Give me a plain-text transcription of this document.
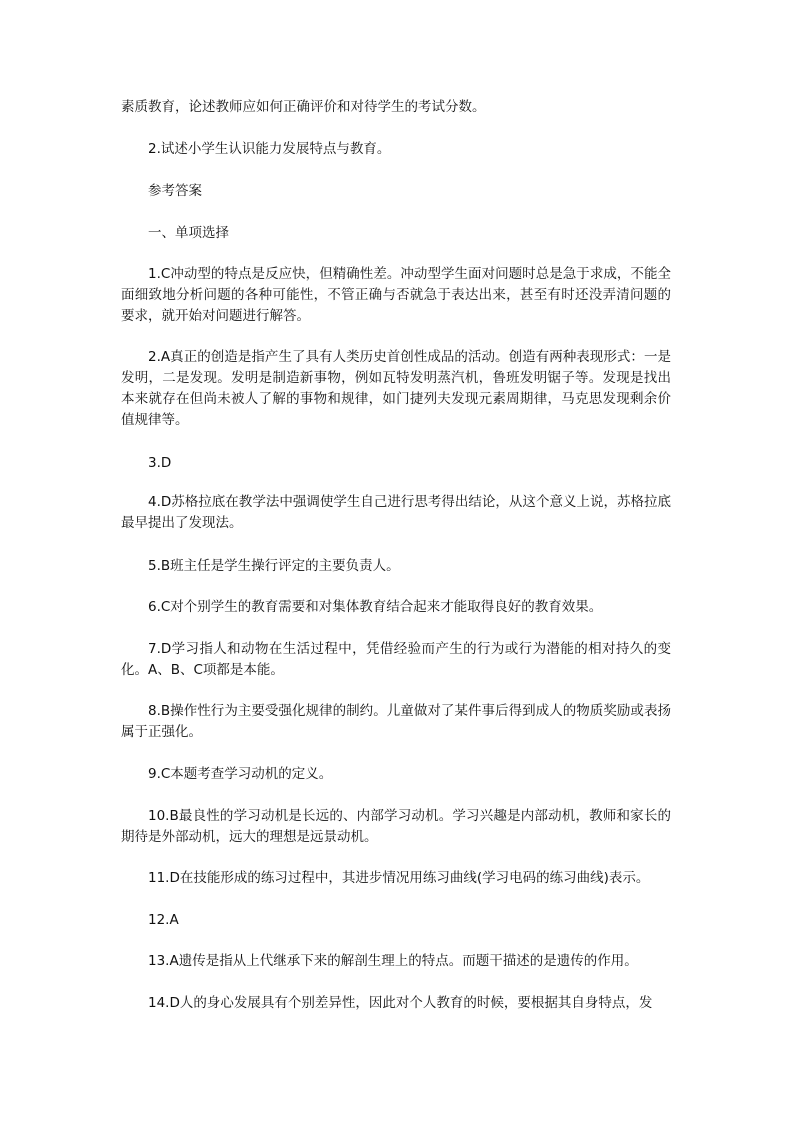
素质教育，论述教师应如何正确评价和对待学生的考试分数。

2.试述小学生认识能力发展特点与教育。

参考答案

一、单项选择

1.C冲动型的特点是反应快，但精确性差。冲动型学生面对问题时总是急于求成，不能全面细致地分析问题的各种可能性，不管正确与否就急于表达出来，甚至有时还没弄清问题的要求，就开始对问题进行解答。

2.A真正的创造是指产生了具有人类历史首创性成品的活动。创造有两种表现形式：一是发明，二是发现。发明是制造新事物，例如瓦特发明蒸汽机，鲁班发明锯子等。发现是找出本来就存在但尚未被人了解的事物和规律，如门捷列夫发现元素周期律，马克思发现剩余价值规律等。

3.D

4.D苏格拉底在教学法中强调使学生自己进行思考得出结论，从这个意义上说，苏格拉底最早提出了发现法。

5.B班主任是学生操行评定的主要负责人。

6.C对个别学生的教育需要和对集体教育结合起来才能取得良好的教育效果。

7.D学习指人和动物在生活过程中，凭借经验而产生的行为或行为潜能的相对持久的变化。A、B、C项都是本能。

8.B操作性行为主要受强化规律的制约。儿童做对了某件事后得到成人的物质奖励或表扬属于正强化。

9.C本题考查学习动机的定义。

10.B最良性的学习动机是长远的、内部学习动机。学习兴趣是内部动机，教师和家长的期待是外部动机，远大的理想是远景动机。

11.D在技能形成的练习过程中，其进步情况用练习曲线(学习电码的练习曲线)表示。

12.A

13.A遗传是指从上代继承下来的解剖生理上的特点。而题干描述的是遗传的作用。

14.D人的身心发展具有个别差异性，因此对个人教育的时候，要根据其自身特点，发
